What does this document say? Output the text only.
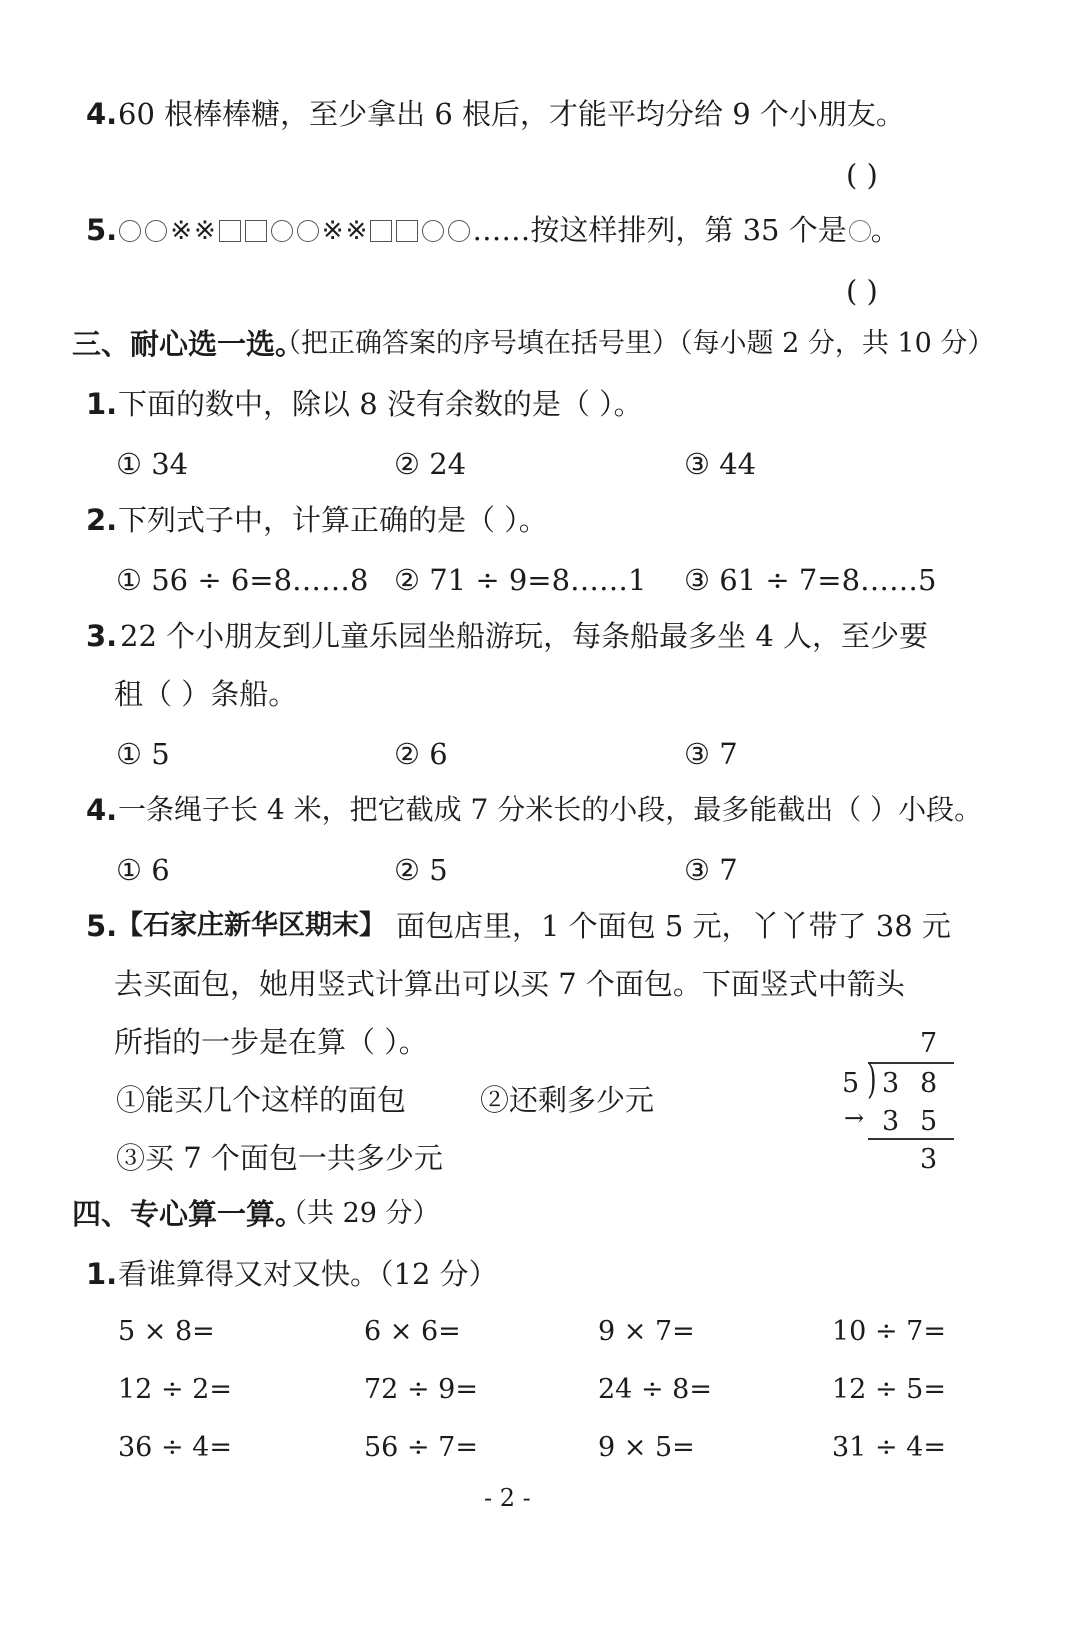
4. 60 根棒棒糖，至少拿出 6 根后，才能平均分给 9 个小朋友。
( )
5. ※ ※	※ ※	…… 按这样排列，第 35 个是 。
( )
三、耐心选一选。
（把正确答案的序号填在括号里）（每小题 2 分，共 10 分）
1. 下面的数中，除以 8 没有余数的是（ ）。
① 34	② 24	③ 44
2. 下列式子中，计算正确的是（ ）。
① 56 ÷ 6=8……8 ② 71 ÷ 9=8……1 ③ 61 ÷ 7=8……5
3. 22 个小朋友到儿童乐园坐船游玩，每条船最多坐 4 人，至少要
租（ ）条船。
① 5	② 6	③ 7
4. 一条绳子长 4 米，把它截成 7 分米长的小段，最多能截出（ ）小段。
① 6	② 5	③ 7
5.
【石家庄新华区期末】 面包店里，1 个面包 5 元，丫丫带了 38 元
去买面包，她用竖式计算出可以买 7 个面包。下面竖式中箭头
所指的一步是在算（ ）。
①能买几个这样的面包	②还剩多少元
③买 7 个面包一共多少元
7
5 ) 3 8
→ 3 5
3
四、专心算一算。
（共 29 分）
1. 看谁算得又对又快。（12 分）
5 × 8=	6 × 6=	9 × 7=	10 ÷ 7=
12 ÷ 2=	72 ÷ 9=	24 ÷ 8=	12 ÷ 5=
36 ÷ 4=	56 ÷ 7=	9 × 5=	31 ÷ 4=
- 2 -
